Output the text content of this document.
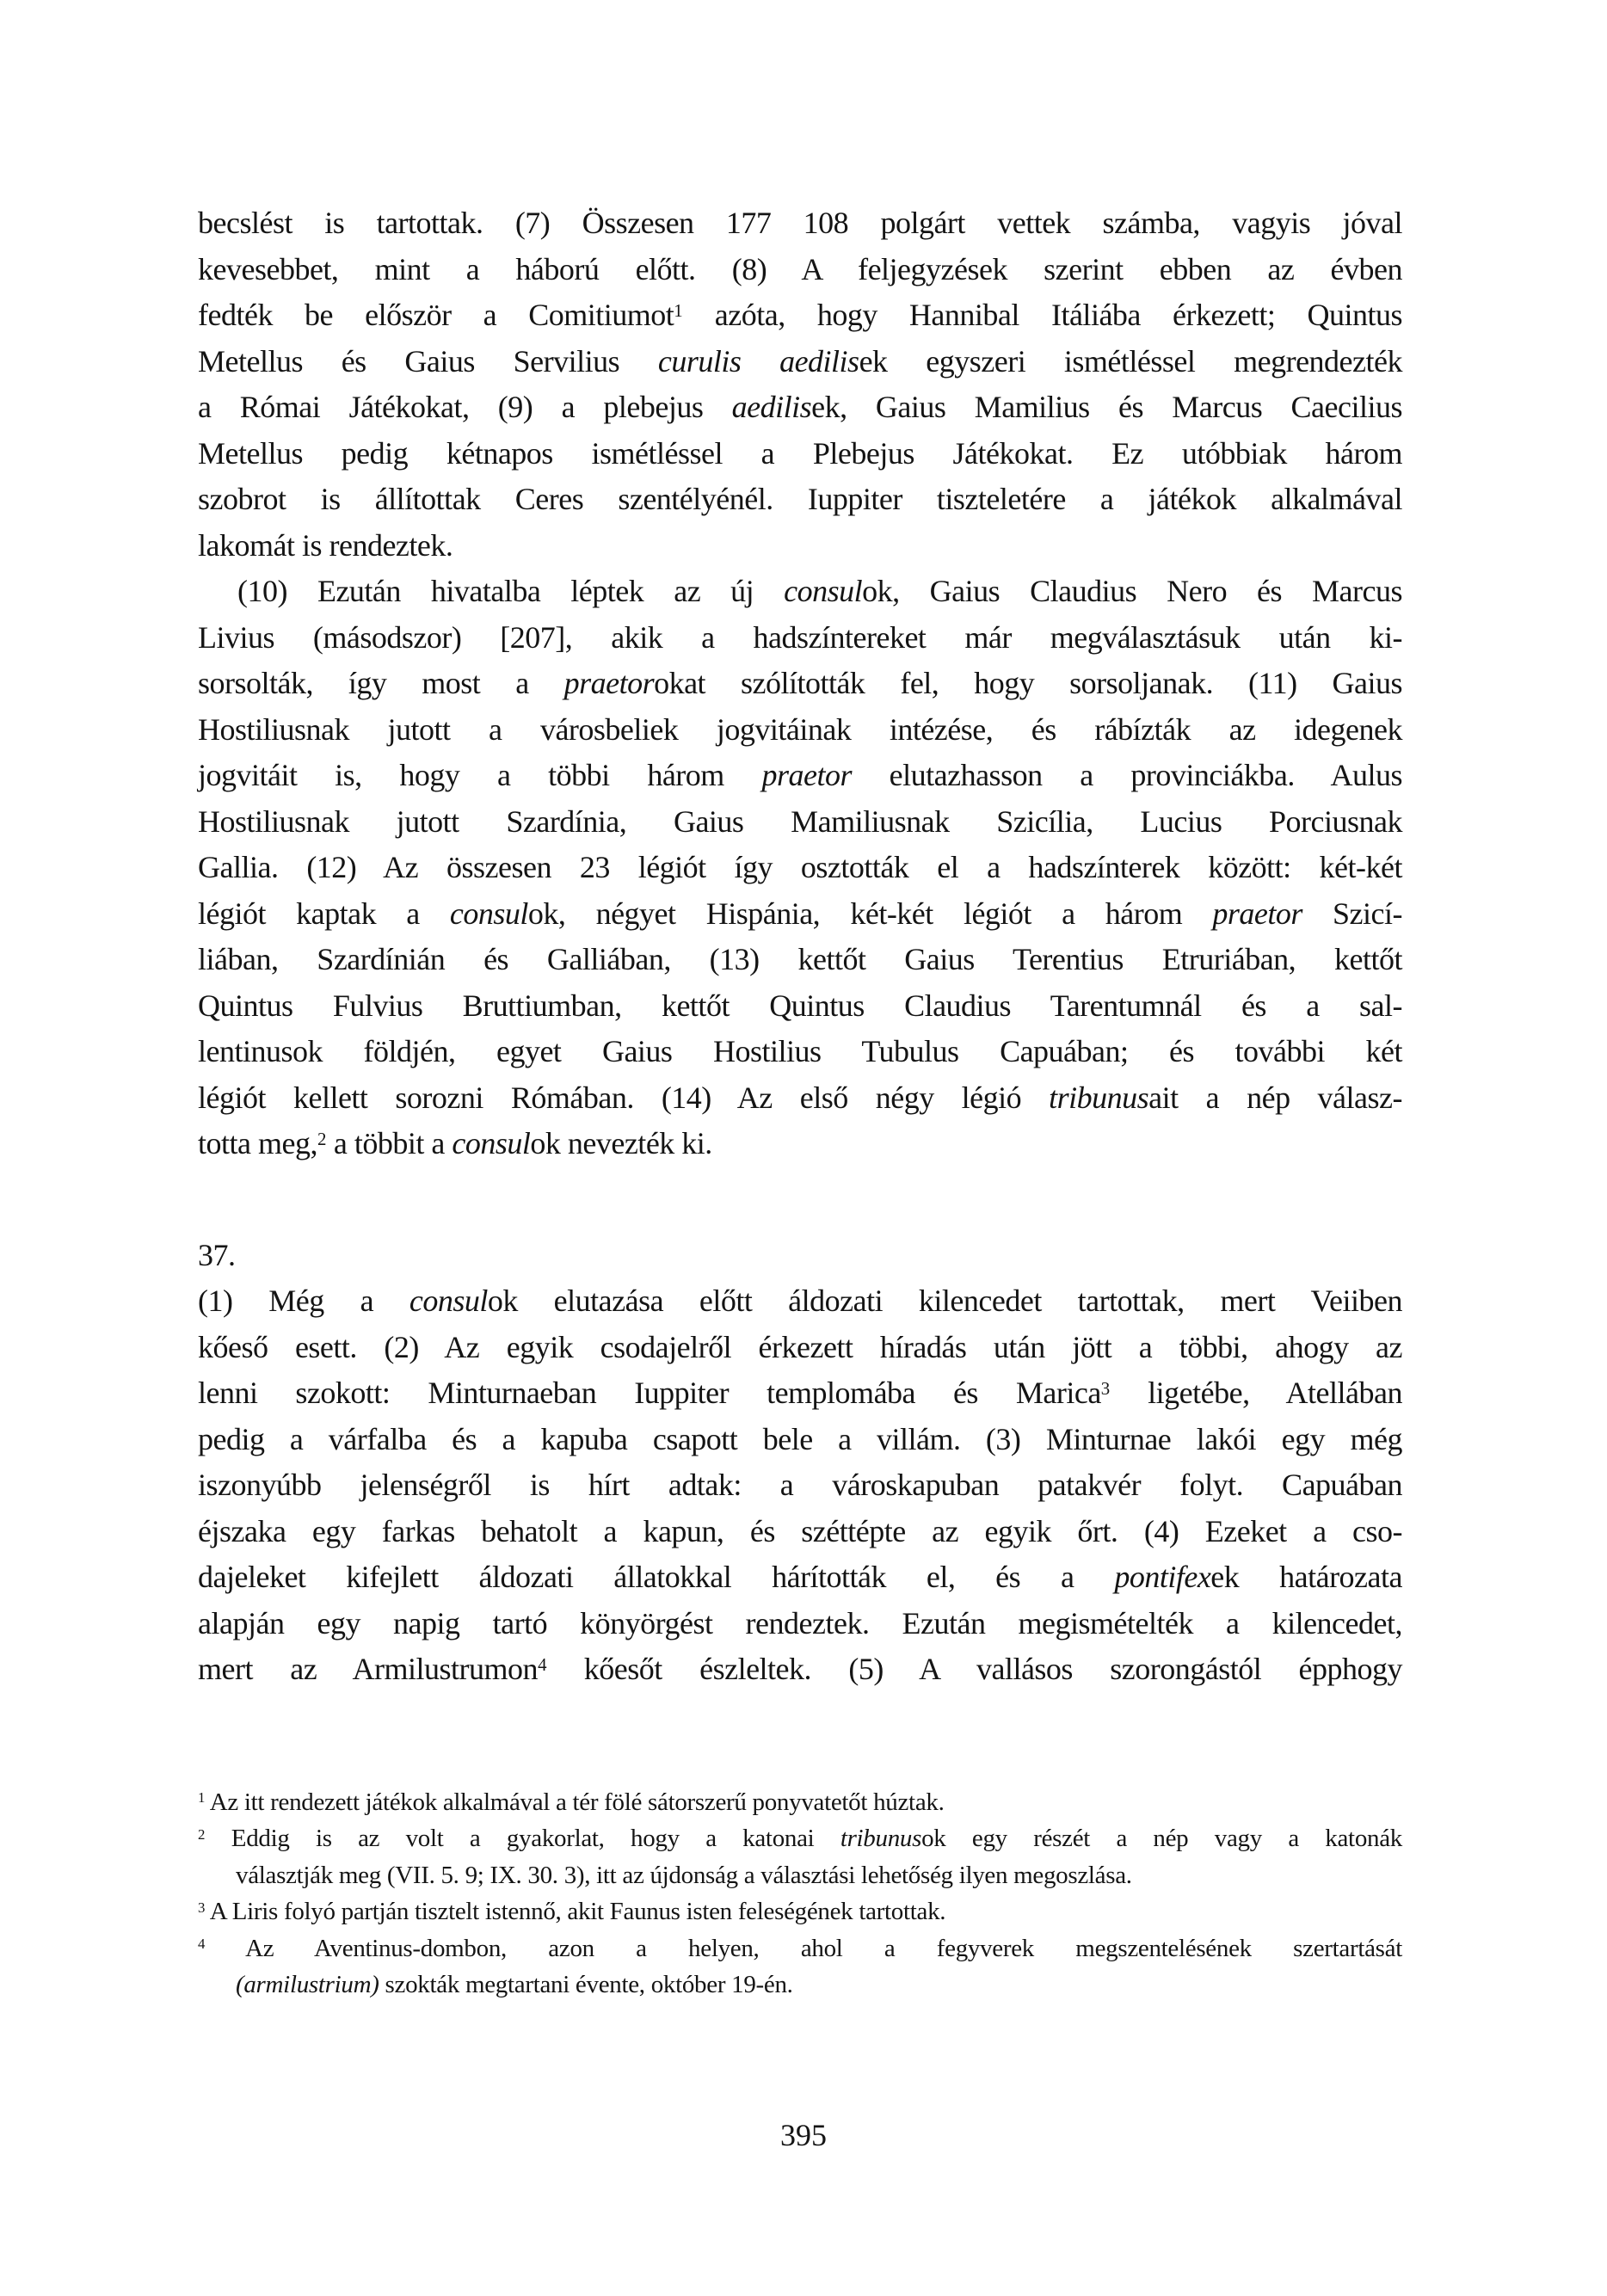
becslést is tartottak. (7) Összesen 177 108 polgárt vettek számba, vagyis jóval
kevesebbet, mint a háború előtt. (8) A feljegyzések szerint ebben az évben
fedték be először a Comitiumot$^1$ azóta, hogy Hannibal Itáliába érkezett; Quintus
Metellus és Gaius Servilius curulis aedilisek egyszeri ismétléssel megrendezték
a Római Játékokat, (9) a plebejus aedilisek, Gaius Mamilius és Marcus Caecilius
Metellus pedig kétnapos ismétléssel a Plebejus Játékokat. Ez utóbbiak három
szobrot is állítottak Ceres szentélyénél. Iuppiter tiszteletére a játékok alkalmával
lakomát is rendeztek.
(10) Ezután hivatalba léptek az új consulok, Gaius Claudius Nero és Marcus
Livius (másodszor) [207], akik a hadszíntereket már megválasztásuk után ki-
sorsolták, így most a praetorokat szólították fel, hogy sorsoljanak. (11) Gaius
Hostiliusnak jutott a városbeliek jogvitáinak intézése, és rábízták az idegenek
jogvitáit is, hogy a többi három praetor elutazhasson a provinciákba. Aulus
Hostiliusnak jutott Szardínia, Gaius Mamiliusnak Szicília, Lucius Porciusnak
Gallia. (12) Az összesen 23 légiót így osztották el a hadszínterek között: két-két
légiót kaptak a consulok, négyet Hispánia, két-két légiót a három praetor Szicí-
liában, Szardínián és Galliában, (13) kettőt Gaius Terentius Etruriában, kettőt
Quintus Fulvius Bruttiumban, kettőt Quintus Claudius Tarentumnál és a sal-
lentinusok földjén, egyet Gaius Hostilius Tubulus Capuában; és további két
légiót kellett sorozni Rómában. (14) Az első négy légió tribunusait a nép válasz-
totta meg,$^2$ a többit a consulok nevezték ki.
37.
(1) Még a consulok elutazása előtt áldozati kilencedet tartottak, mert Veiiben
kőeső esett. (2) Az egyik csodajelről érkezett híradás után jött a többi, ahogy az
lenni szokott: Minturnaeban Iuppiter templomába és Marica$^3$ ligetébe, Atellában
pedig a várfalba és a kapuba csapott bele a villám. (3) Minturnae lakói egy még
iszonyúbb jelenségről is hírt adtak: a városkapuban patakvér folyt. Capuában
éjszaka egy farkas behatolt a kapun, és széttépte az egyik őrt. (4) Ezeket a cso-
dajeleket kifejlett áldozati állatokkal hárították el, és a pontifexek határozata
alapján egy napig tartó könyörgést rendeztek. Ezután megismételték a kilencedet,
mert az Armilustrumon$^4$ kőesőt észleltek. (5) A vallásos szorongástól épphogy
$^1$ Az itt rendezett játékok alkalmával a tér fölé sátorszerű ponyvatetőt húztak.
$^2$ Eddig is az volt a gyakorlat, hogy a katonai tribunusok egy részét a nép vagy a katonák
választják meg (VII. 5. 9; IX. 30. 3), itt az újdonság a választási lehetőség ilyen megoszlása.
$^3$ A Liris folyó partján tisztelt istennő, akit Faunus isten feleségének tartottak.
$^4$ Az Aventinus-dombon, azon a helyen, ahol a fegyverek megszentelésének szertartását
(armilustrium) szokták megtartani évente, október 19-én.
395
